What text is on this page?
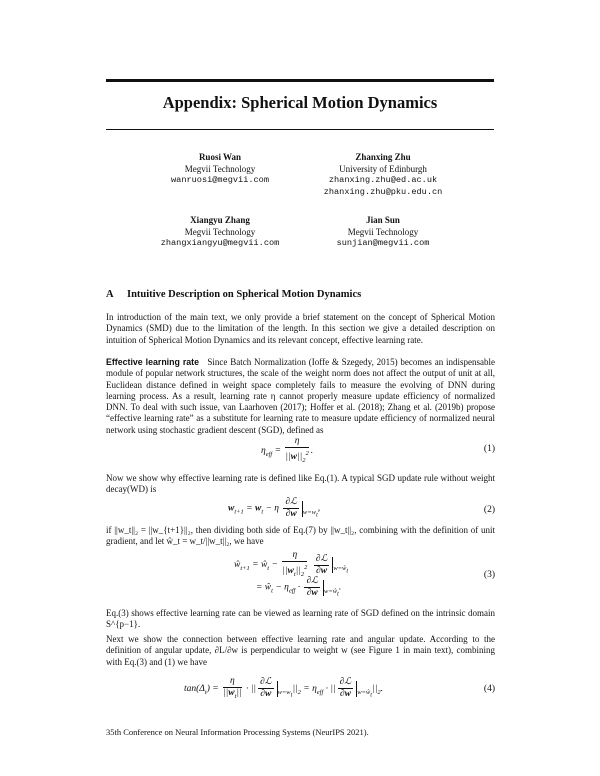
Appendix: Spherical Motion Dynamics
Ruosi Wan
Megvii Technology
wanruosi@megvii.com
Zhanxing Zhu
University of Edinburgh
zhanxing.zhu@ed.ac.uk
zhanxing.zhu@pku.edu.cn
Xiangyu Zhang
Megvii Technology
zhangxiangyu@megvii.com
Jian Sun
Megvii Technology
sunjian@megvii.com
A Intuitive Description on Spherical Motion Dynamics
In introduction of the main text, we only provide a brief statement on the concept of Spherical Motion Dynamics (SMD) due to the limitation of the length. In this section we give a detailed description on intuition of Spherical Motion Dynamics and its relevant concept, effective learning rate.
Effective learning rate Since Batch Normalization (Ioffe & Szegedy, 2015) becomes an indispensable module of popular network structures, the scale of the weight norm does not affect the output of unit at all, Euclidean distance defined in weight space completely fails to measure the evolving of DNN during learning process. As a result, learning rate η cannot properly measure update efficiency of normalized DNN. To deal with such issue, van Laarhoven (2017); Hoffer et al. (2018); Zhang et al. (2019b) propose “effective learning rate” as a substitute for learning rate to measure update efficiency of normalized neural network using stochastic gradient descent (SGD), defined as
$\eta_{eff} = \frac{\eta}{||w||_2^2}$ .	(1)
Now we show why effective learning rate is defined like Eq.(1). A typical SGD update rule without weight decay(WD) is
$w_{t+1} = w_t - \eta \frac{\text{∂ℒ}}{\partial w} _{w=w_t}$,	(2)
if ||w_t||₂ = ||w_{t+1}||₂, then dividing both side of Eq.(7) by ||w_t||₂, combining with the definition of unit gradient, and let ŵ_t = w_t/||w_t||₂, we have
$ŵ_{t+1}$ = $ŵ_t - \frac{\eta}{||w_t||_2^2}$
$\frac{\text{∂ℒ}}{\partial w} _{w=ŵ_t}$
= $ŵ_t - \eta_{eff} \cdot \frac{\text{∂ℒ}}{\partial w} _{w=ŵ_t}$.
(3)
Eq.(3) shows effective learning rate can be viewed as learning rate of SGD defined on the intrinsic domain S^{p−1}.
Next we show the connection between effective learning rate and angular update. According to the definition of angular update, ∂L/∂w is perpendicular to weight w (see Figure 1 in main text), combining with Eq.(3) and (1) we have
$\tan(\Delta_t) = \frac{\eta}{||w_t||}$ · || $\frac{\text{∂ℒ}}{\partial w} _{w=w_t}||_2 = \eta_{eff}$ · || $\frac{\text{∂ℒ}}{\partial w} _{w=ŵ_t}||_2$.	(4)
35th Conference on Neural Information Processing Systems (NeurIPS 2021).
